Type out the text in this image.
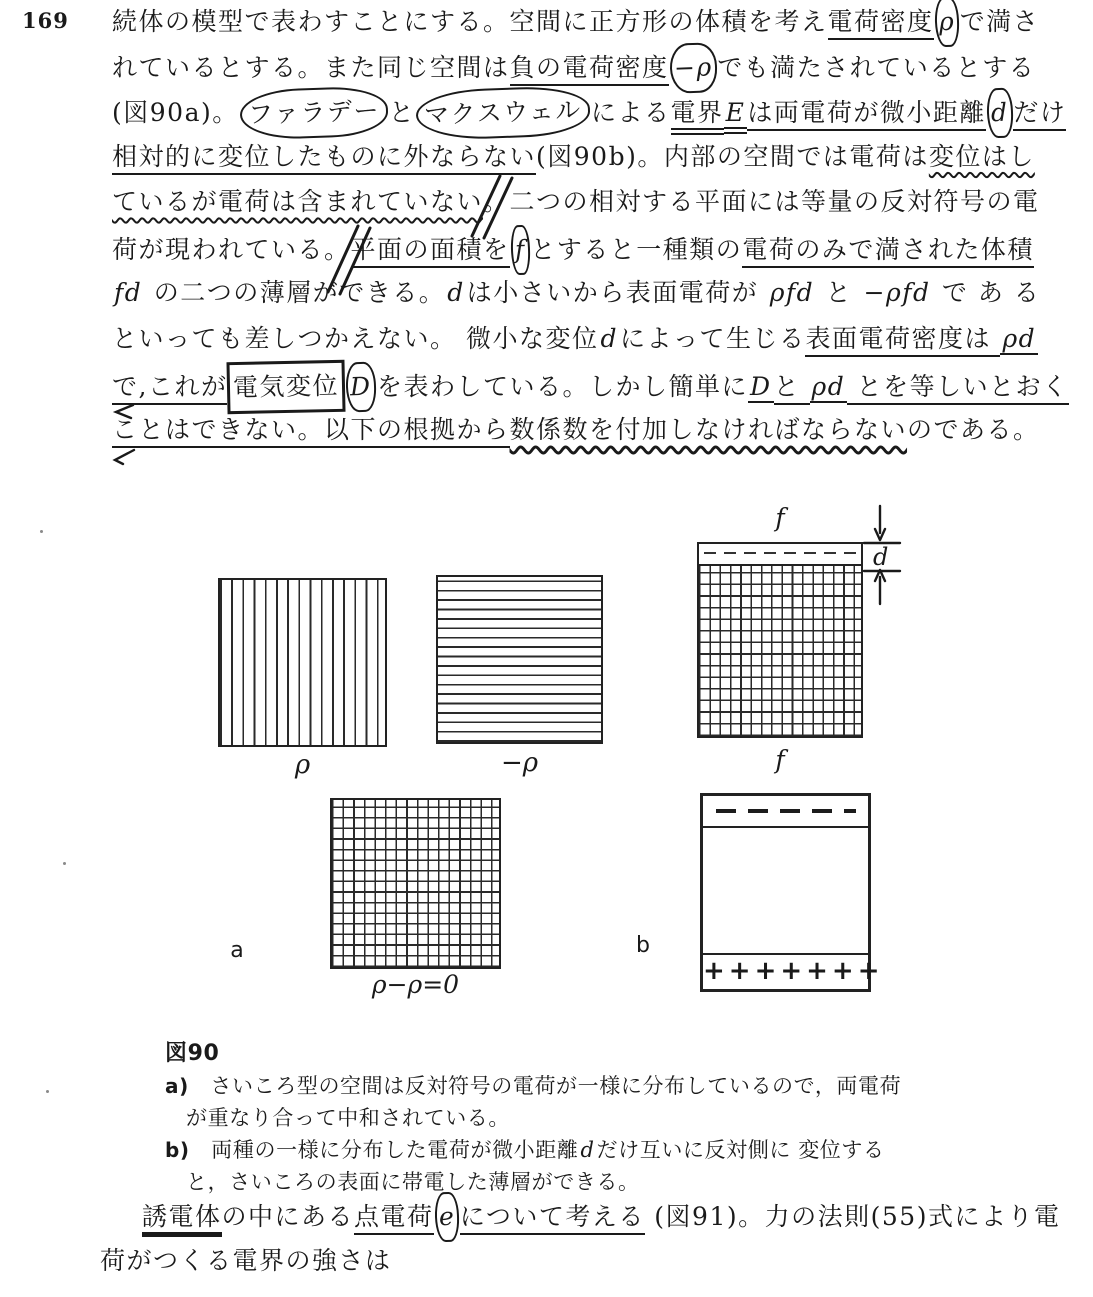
169 続体の模型で表わすことにする。空間に正方形の体積を考え電荷密度 ρ で満さ
れているとする。また同じ空間は負の電荷密度 −ρ でも満たされているとする
(図90a)。 ファラデー と マクスウェル による電界Eは両電荷が微小距離 d だけ
相対的に変位したものに外ならない(図90b)。内部の空間では電荷は変位はし
ているが電荷は含まれていない。二つの相対する平面には等量の反対符号の電
荷が現われている。平面の面積を f とすると一種類の電荷のみで満された体積
fd の二つの薄層ができる。dは小さいから表面電荷が ρfd と −ρfd で あ る
といっても差しつかえない。 微小な変位dによって生じる表面電荷密度は ρd
で,これが 電気変位 D を表わしている。しかし簡単にDと ρd とを等しいとおく
ことはできない。以下の根拠から数係数を付加しなければならないのである。
ρ	−ρ
f
f
ρ−ρ=0
a	b
+++++++
図90
a)　さいころ型の空間は反対符号の電荷が一様に分布しているので，両電荷
が重なり合って中和されている。
b)　両種の一様に分布した電荷が微小距離dだけ互いに反対側に 変位する
と，さいころの表面に帯電した薄層ができる。
誘電体の中にある点電荷 e について考える (図91)。力の法則(55)式により電
荷がつくる電界の強さは
d
